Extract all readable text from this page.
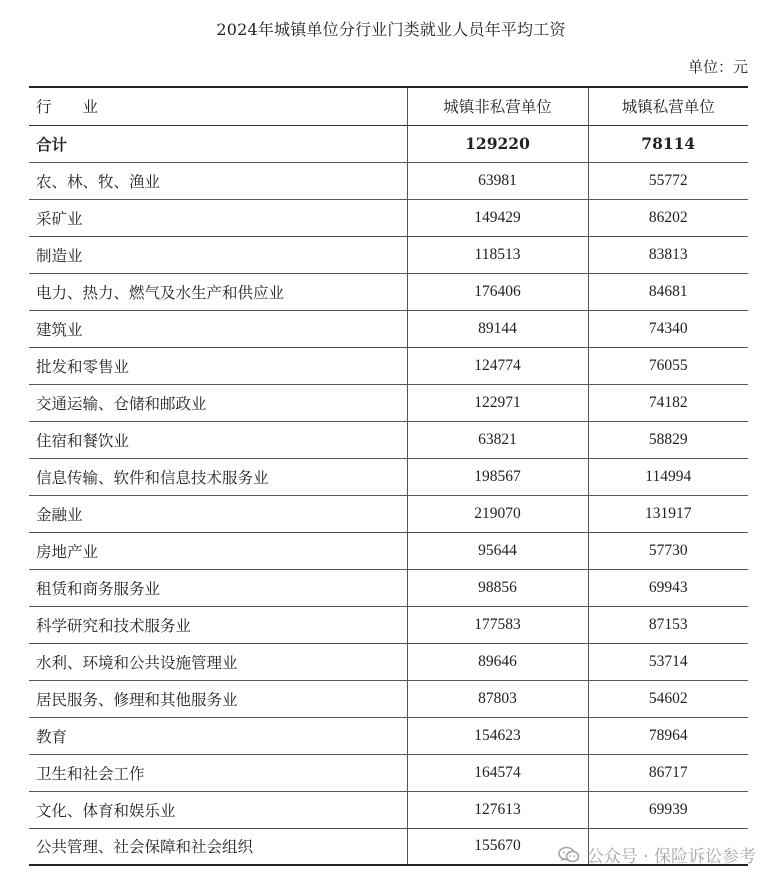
2024年城镇单位分行业门类就业人员年平均工资
单位：元
行　　业	城镇非私营单位	城镇私营单位
合计	129220	78114
农、林、牧、渔业	63981	55772
采矿业	149429	86202
制造业	118513	83813
电力、热力、燃气及水生产和供应业	176406	84681
建筑业	89144	74340
批发和零售业	124774	76055
交通运输、仓储和邮政业	122971	74182
住宿和餐饮业	63821	58829
信息传输、软件和信息技术服务业	198567	114994
金融业	219070	131917
房地产业	95644	57730
租赁和商务服务业	98856	69943
科学研究和技术服务业	177583	87153
水利、环境和公共设施管理业	89646	53714
居民服务、修理和其他服务业	87803	54602
教育	154623	78964
卫生和社会工作	164574	86717
文化、体育和娱乐业	127613	69939
公共管理、社会保障和社会组织	155670	
公众号 · 保险诉讼参考
